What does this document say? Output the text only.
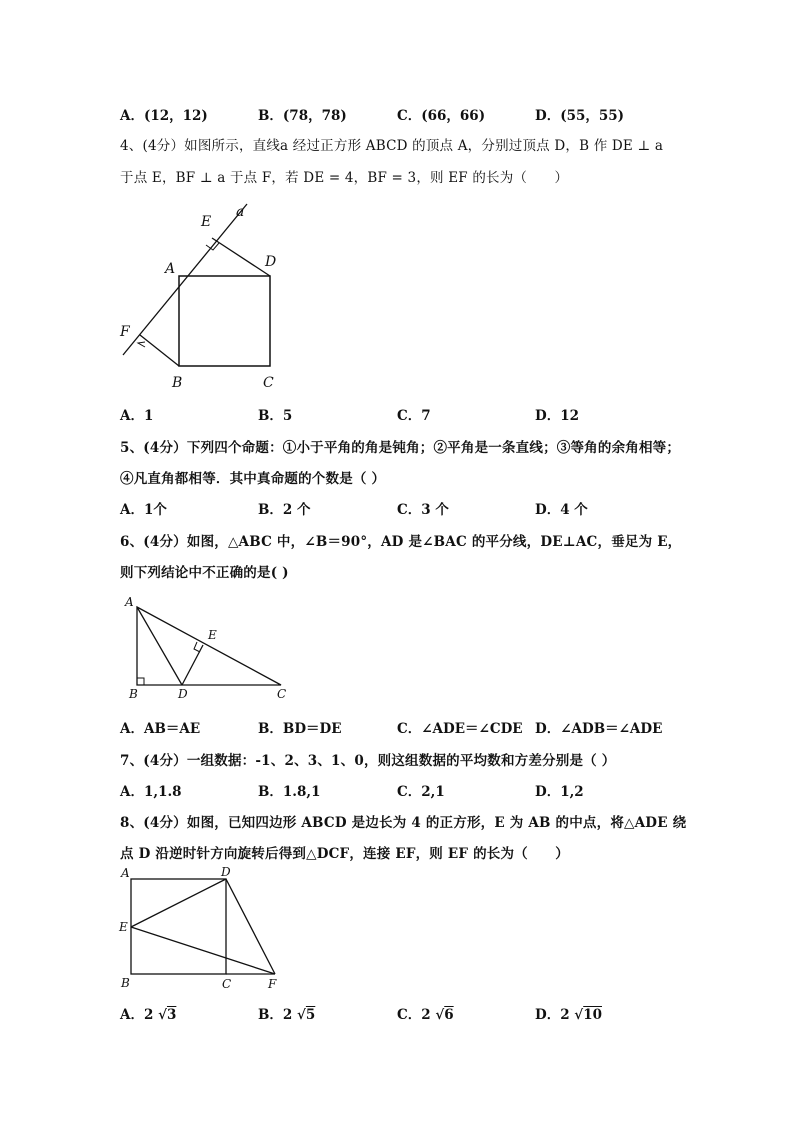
A．(12，12)	B．(78，78)	C．(66，66)	D．(55，55)
4、(4分）如图所示，直线a 经过正方形 ABCD 的顶点 A，分别过顶点 D，B 作 DE ⊥ a
于点 E，BF ⊥ a 于点 F，若 DE = 4，BF = 3，则 EF 的长为（　　）
E
a
A	D
F
B	C
A．1	B．5	C．7	D．12
5、(4分）下列四个命题：①小于平角的角是钝角；②平角是一条直线；③等角的余角相等；
④凡直角都相等．其中真命题的个数是（ ）
A．1个	B．2 个	C．3 个	D．4 个
6、(4分）如图，△ABC 中，∠B＝90°，AD 是∠BAC 的平分线，DE⊥AC，垂足为 E，
则下列结论中不正确的是( )
A
E
B	D	C
A．AB＝AE	B．BD＝DE	C．∠ADE＝∠CDE D．∠ADB＝∠ADE
7、(4分）一组数据：-1、2、3、1、0，则这组数据的平均数和方差分别是（ ）
A．1,1.8	B．1.8,1	C．2,1	D．1,2
8、(4分）如图，已知四边形 ABCD 是边长为 4 的正方形，E 为 AB 的中点，将△ADE 绕
点 D 沿逆时针方向旋转后得到△DCF，连接 EF，则 EF 的长为（　　）
A	D
E
B	C	F
A．2 √3	B．2 √5	C．2 √6	D．2 √10
